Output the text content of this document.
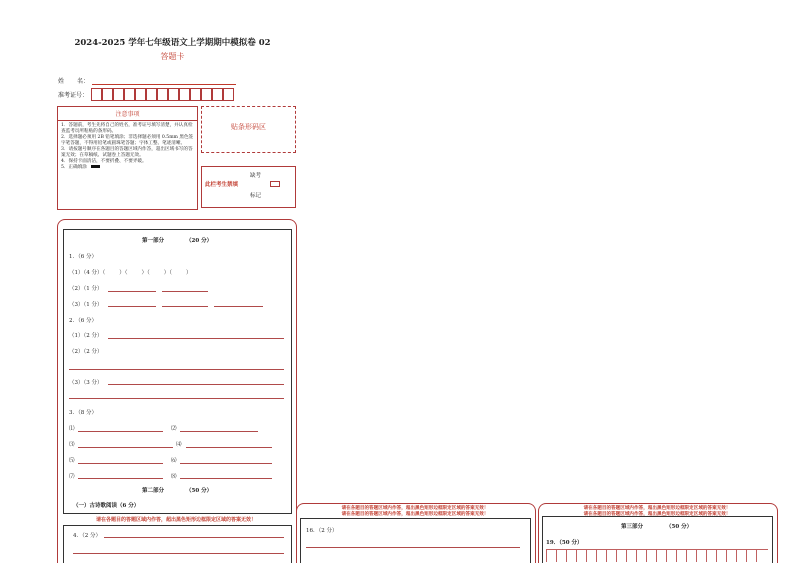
2024-2025 学年七年级语文上学期期中模拟卷 02
答题卡
姓 名：
准考证号：
注意事项
1．答题前，考生先将自己的姓名，准考证号填写清楚，并认真检查监考员所粘贴的条形码。
2．选择题必须用 2B 铅笔填涂；非选择题必须用 0.5mm 黑色签字笔答题，不得用铅笔或圆珠笔答题；字体工整、笔迹清晰。
3．请按题号顺序在各题目的答题区域内作答，超出区域书写的答案无效；在草稿纸、试题卷上答题无效。
4．保持卡面清洁，不要折叠、不要弄破。
5．正确填涂
贴条形码区
缺考
此栏考生禁填
标记
第一部分	（20 分）
1．（6 分）
（1）（4 分）（	）（	）（	）（	）
（2）（1 分）
（3）（1 分）
2．（6 分）
（1）（2 分）
（2）（2 分）
（3）（3 分）
3．（8 分）
⑴	⑵
⑶	⑷
⑸	⑹
⑺	⑻
第二部分	（50 分）
（一）古诗歌阅读（6 分）
请在各题目的答题区域内作答，超出黑色矩形边框限定区域的答案无效！
4．（2 分）
请在各题目的答题区域内作答，超出黑色矩形边框限定区域的答案无效！
请在各题目的答题区域内作答，超出黑色矩形边框限定区域的答案无效！
16．（2 分）
请在各题目的答题区域内作答，超出黑色矩形边框限定区域的答案无效！
请在各题目的答题区域内作答，超出黑色矩形边框限定区域的答案无效！
第三部分	（50 分）
19．（50 分）
